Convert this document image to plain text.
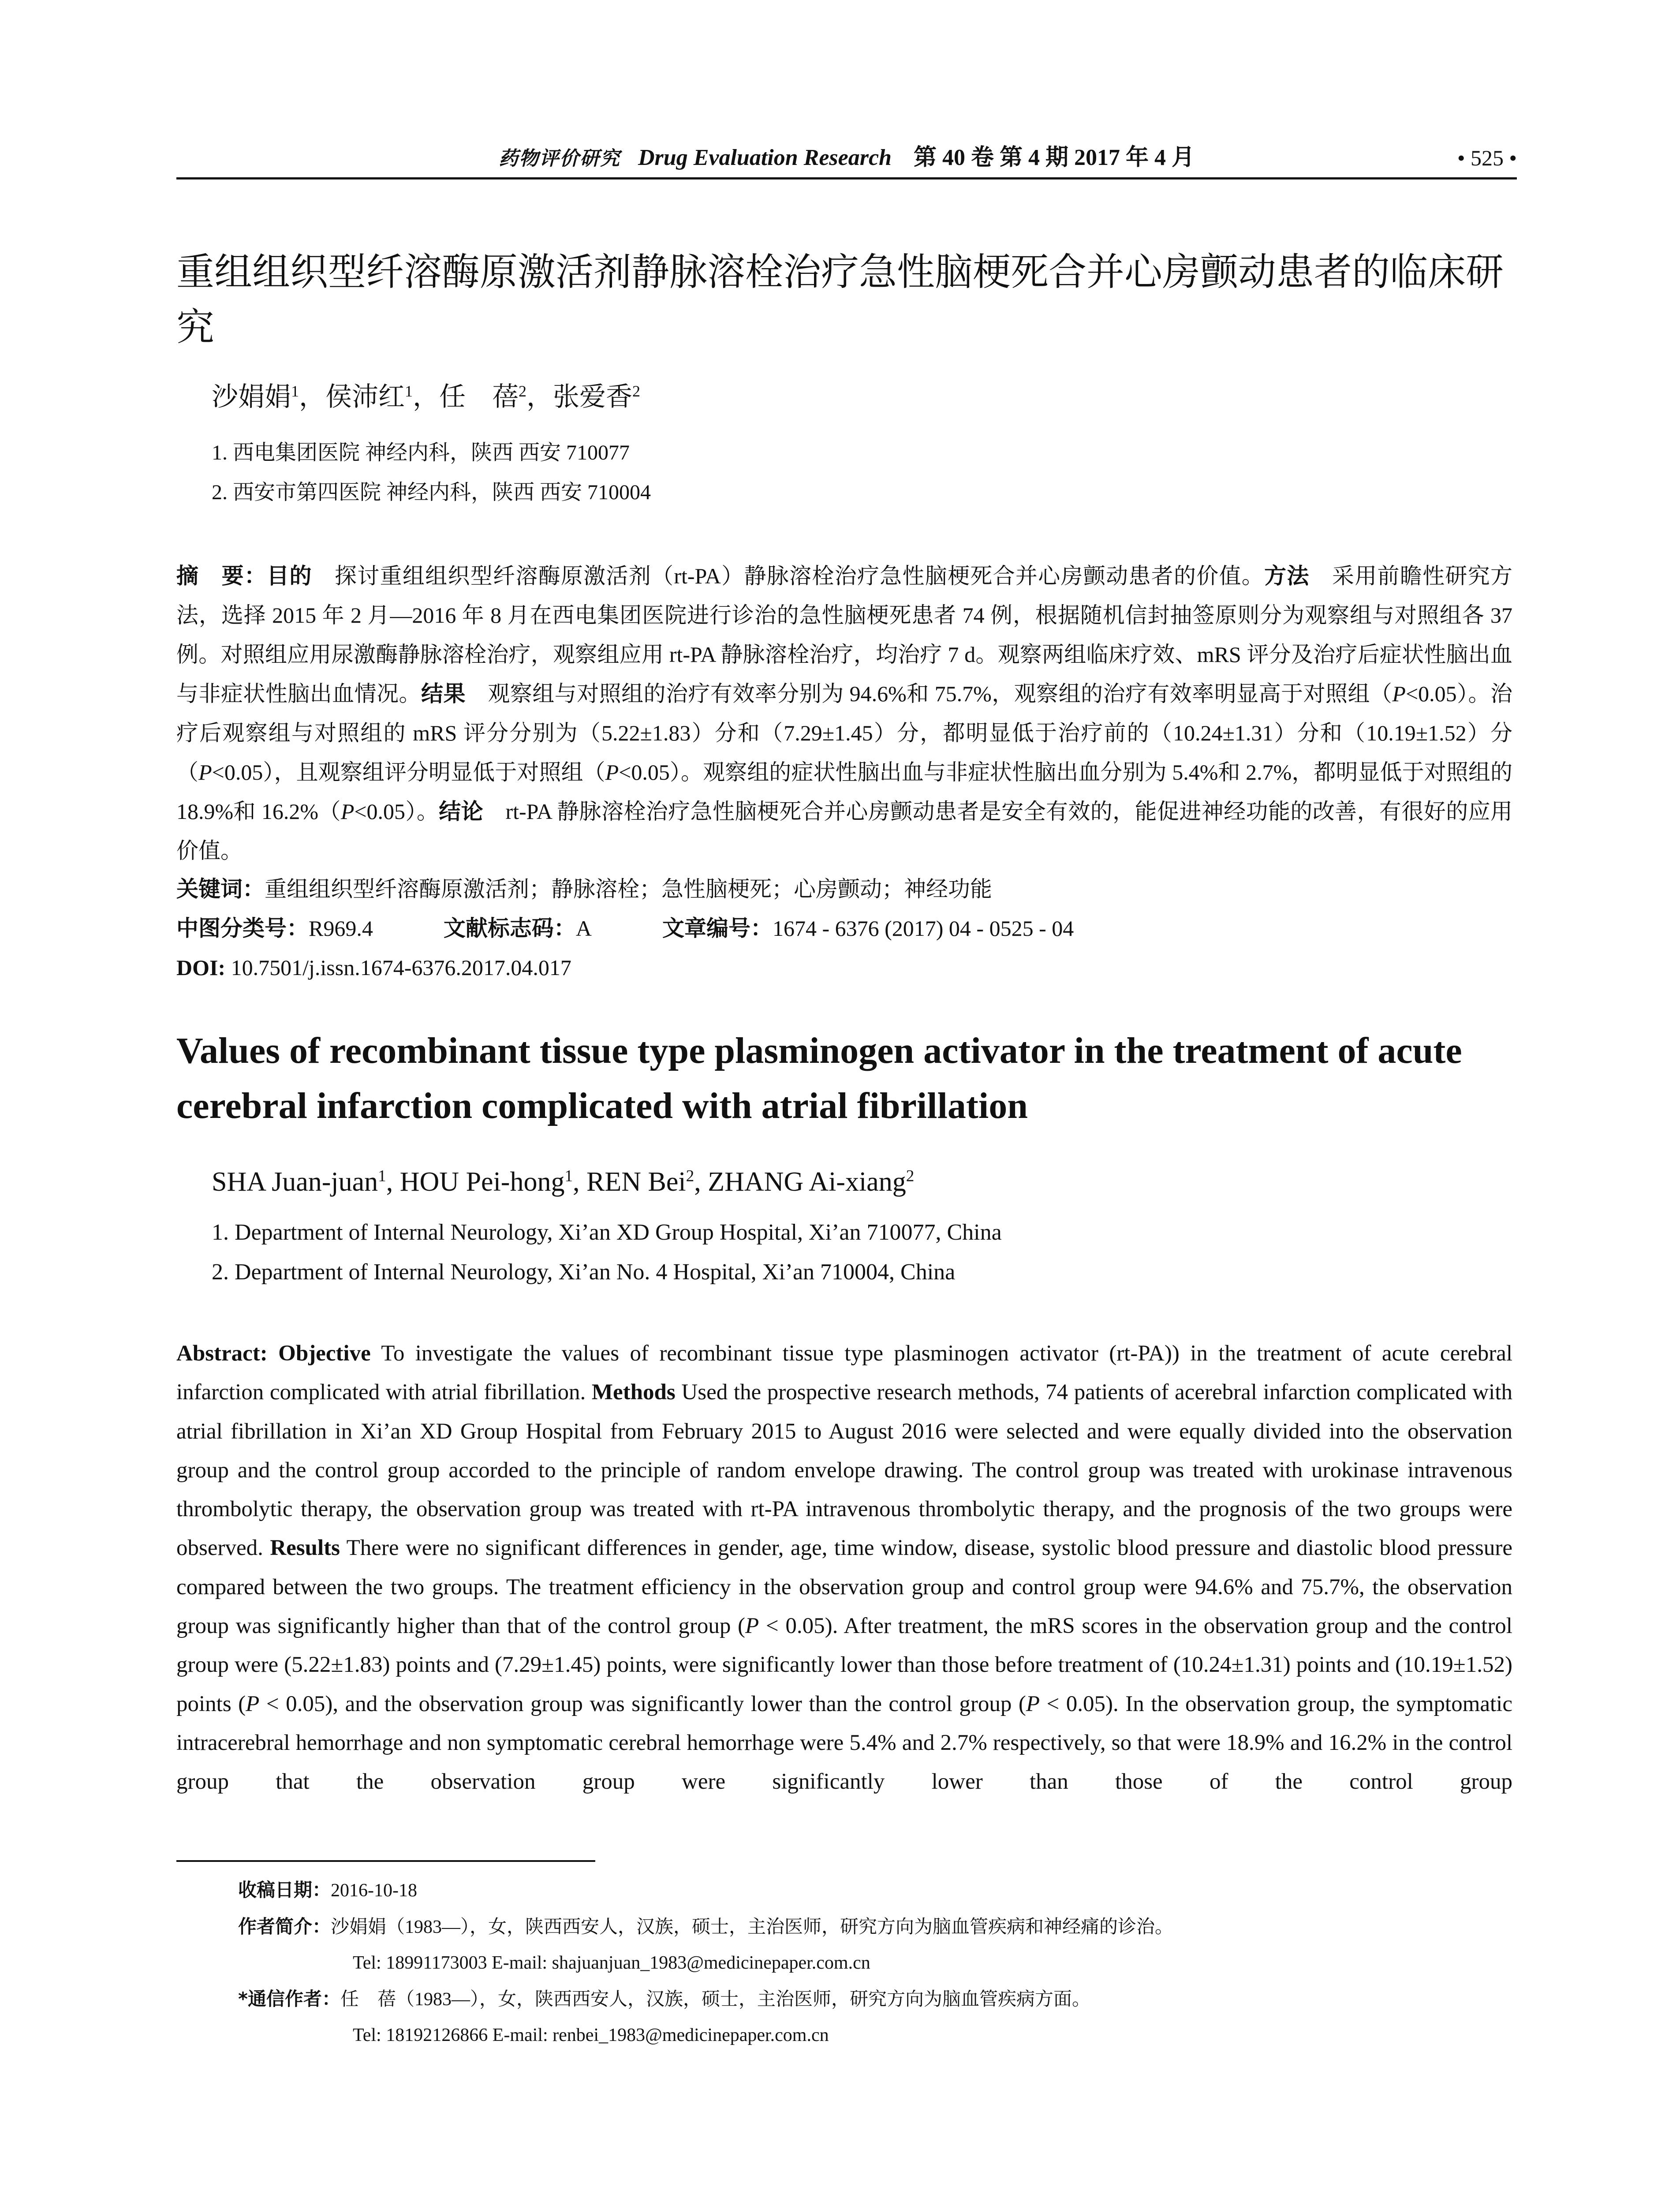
药物评价研究 Drug Evaluation Research 第 40 卷 第 4 期 2017 年 4 月	• 525 •
重组组织型纤溶酶原激活剂静脉溶栓治疗急性脑梗死合并心房颤动患者的临床研究
沙娟娟$^1$，侯沛红$^1$，任　蓓$^2$，张爱香$^2$
1. 西电集团医院 神经内科，陕西 西安 710077
2. 西安市第四医院 神经内科，陕西 西安 710004
摘　要：目的　探讨重组组织型纤溶酶原激活剂（rt-PA）静脉溶栓治疗急性脑梗死合并心房颤动患者的价值。方法　采用前瞻性研究方法，选择 2015 年 2 月—2016 年 8 月在西电集团医院进行诊治的急性脑梗死患者 74 例，根据随机信封抽签原则分为观察组与对照组各 37 例。对照组应用尿激酶静脉溶栓治疗，观察组应用 rt-PA 静脉溶栓治疗，均治疗 7 d。观察两组临床疗效、mRS 评分及治疗后症状性脑出血与非症状性脑出血情况。结果　观察组与对照组的治疗有效率分别为 94.6%和 75.7%，观察组的治疗有效率明显高于对照组（P<0.05）。治疗后观察组与对照组的 mRS 评分分别为（5.22±1.83）分和（7.29±1.45）分，都明显低于治疗前的（10.24±1.31）分和（10.19±1.52）分（P<0.05），且观察组评分明显低于对照组（P<0.05）。观察组的症状性脑出血与非症状性脑出血分别为 5.4%和 2.7%，都明显低于对照组的 18.9%和 16.2%（P<0.05）。结论　rt-PA 静脉溶栓治疗急性脑梗死合并心房颤动患者是安全有效的，能促进神经功能的改善，有很好的应用价值。
关键词：重组组织型纤溶酶原激活剂；静脉溶栓；急性脑梗死；心房颤动；神经功能
中图分类号：R969.4	文献标志码：A	文章编号：1674 - 6376 (2017) 04 - 0525 - 04
DOI: 10.7501/j.issn.1674-6376.2017.04.017
Values of recombinant tissue type plasminogen activator in the treatment of acute cerebral infarction complicated with atrial fibrillation
SHA Juan-juan$^1$, HOU Pei-hong$^1$, REN Bei$^2$, ZHANG Ai-xiang$^2$
1. Department of Internal Neurology, Xi’an XD Group Hospital, Xi’an 710077, China
2. Department of Internal Neurology, Xi’an No. 4 Hospital, Xi’an 710004, China
Abstract: Objective To investigate the values of recombinant tissue type plasminogen activator (rt-PA)) in the treatment of acute cerebral infarction complicated with atrial fibrillation. Methods Used the prospective research methods, 74 patients of acerebral infarction complicated with atrial fibrillation in Xi’an XD Group Hospital from February 2015 to August 2016 were selected and were equally divided into the observation group and the control group accorded to the principle of random envelope drawing. The control group was treated with urokinase intravenous thrombolytic therapy, the observation group was treated with rt-PA intravenous thrombolytic therapy, and the prognosis of the two groups were observed. Results There were no significant differences in gender, age, time window, disease, systolic blood pressure and diastolic blood pressure compared between the two groups. The treatment efficiency in the observation group and control group were 94.6% and 75.7%, the observation group was significantly higher than that of the control group (P < 0.05). After treatment, the mRS scores in the observation group and the control group were (5.22±1.83) points and (7.29±1.45) points, were significantly lower than those before treatment of (10.24±1.31) points and (10.19±1.52) points (P < 0.05), and the observation group was significantly lower than the control group (P < 0.05). In the observation group, the symptomatic intracerebral hemorrhage and non symptomatic cerebral hemorrhage were 5.4% and 2.7% respectively, so that were 18.9% and 16.2% in the control group that the observation group were significantly lower than those of the control group
收稿日期：2016-10-18
作者简介：沙娟娟（1983—），女，陕西西安人，汉族，硕士，主治医师，研究方向为脑血管疾病和神经痛的诊治。
Tel: 18991173003 E-mail: shajuanjuan_1983@medicinepaper.com.cn
*通信作者：任　蓓（1983—），女，陕西西安人，汉族，硕士，主治医师，研究方向为脑血管疾病方面。
Tel: 18192126866 E-mail: renbei_1983@medicinepaper.com.cn
